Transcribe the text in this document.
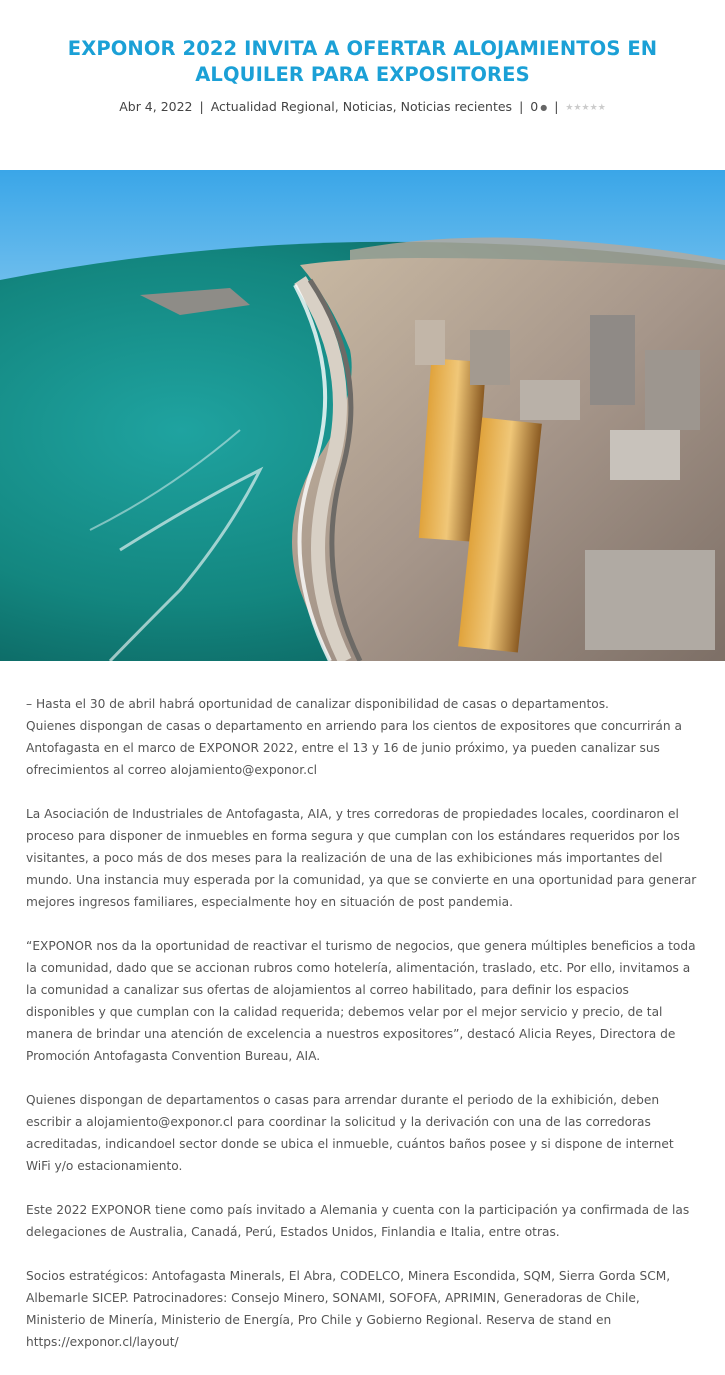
EXPONOR 2022 INVITA A OFERTAR ALOJAMIENTOS EN ALQUILER PARA EXPOSITORES
Abr 4, 2022 | Actualidad Regional, Noticias, Noticias recientes | 0 ● | ★★★★★

– Hasta el 30 de abril habrá oportunidad de canalizar disponibilidad de casas o departamentos.
Quienes dispongan de casas o departamento en arriendo para los cientos de expositores que concurrirán a Antofagasta en el marco de EXPONOR 2022, entre el 13 y 16 de junio próximo, ya pueden canalizar sus ofrecimientos al correo alojamiento@exponor.cl

La Asociación de Industriales de Antofagasta, AIA, y tres corredoras de propiedades locales, coordinaron el proceso para disponer de inmuebles en forma segura y que cumplan con los estándares requeridos por los visitantes, a poco más de dos meses para la realización de una de las exhibiciones más importantes del mundo. Una instancia muy esperada por la comunidad, ya que se convierte en una oportunidad para generar mejores ingresos familiares, especialmente hoy en situación de post pandemia.

“EXPONOR nos da la oportunidad de reactivar el turismo de negocios, que genera múltiples beneficios a toda la comunidad, dado que se accionan rubros como hotelería, alimentación, traslado, etc. Por ello, invitamos a la comunidad a canalizar sus ofertas de alojamientos al correo habilitado, para definir los espacios disponibles y que cumplan con la calidad requerida; debemos velar por el mejor servicio y precio, de tal manera de brindar una atención de excelencia a nuestros expositores”, destacó Alicia Reyes, Directora de Promoción Antofagasta Convention Bureau, AIA.

Quienes dispongan de departamentos o casas para arrendar durante el periodo de la exhibición, deben escribir a alojamiento@exponor.cl para coordinar la solicitud y la derivación con una de las corredoras acreditadas, indicandoel sector donde se ubica el inmueble, cuántos baños posee y si dispone de internet WiFi y/o estacionamiento.

Este 2022 EXPONOR tiene como país invitado a Alemania y cuenta con la participación ya confirmada de las delegaciones de Australia, Canadá, Perú, Estados Unidos, Finlandia e Italia, entre otras.

Socios estratégicos: Antofagasta Minerals, El Abra, CODELCO, Minera Escondida, SQM, Sierra Gorda SCM, Albemarle SICEP. Patrocinadores: Consejo Minero, SONAMI, SOFOFA, APRIMIN, Generadoras de Chile, Ministerio de Minería, Ministerio de Energía, Pro Chile y Gobierno Regional. Reserva de stand en https://exponor.cl/layout/
